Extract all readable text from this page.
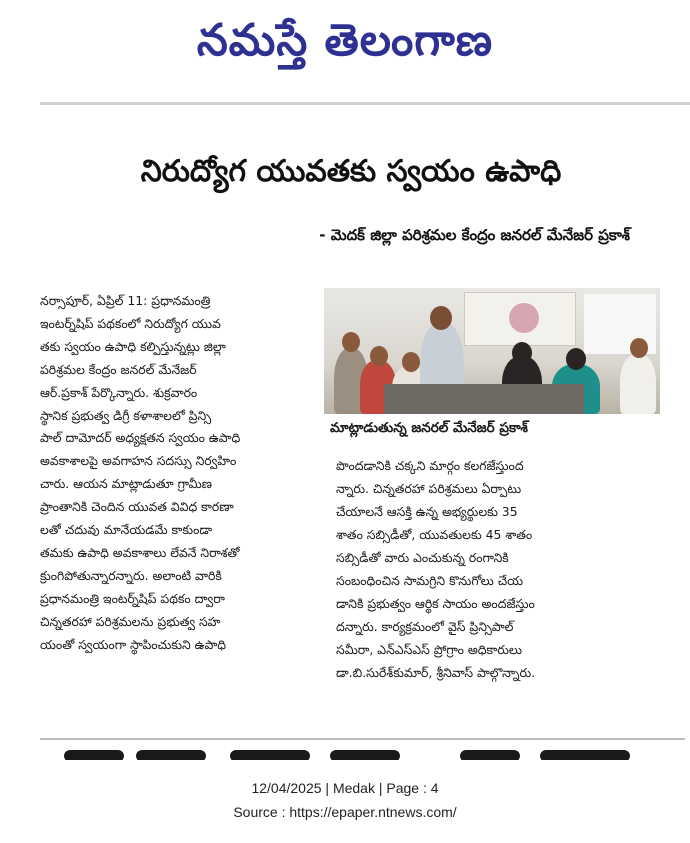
నమస్తే తెలంగాణ
నిరుద్యోగ యువతకు స్వయం ఉపాధి
- మెదక్ జిల్లా పరిశ్రమల కేంద్రం జనరల్ మేనేజర్ ప్రకాశ్
నర్సాపూర్, ఏప్రిల్ 11: ప్రధానమంత్రి
ఇంటర్న్‌షిప్ పథకంలో నిరుద్యోగ యువ
తకు స్వయం ఉపాధి కల్పిస్తున్నట్లు జిల్లా
పరిశ్రమల కేంద్రం జనరల్ మేనేజర్
ఆర్.ప్రకాశ్ పేర్కొన్నారు. శుక్రవారం
స్థానిక ప్రభుత్వ డిగ్రీ కళాశాలలో ప్రిన్సి
పాల్ దామోదర్ అధ్యక్షతన స్వయం ఉపాధి
అవకాశాలపై అవగాహన సదస్సు నిర్వహిం
చారు. ఆయన మాట్లాడుతూ గ్రామీణ
ప్రాంతానికి చెందిన యువత వివిధ కారణా
లతో చదువు మానేయడమే కాకుండా
తమకు ఉపాధి అవకాశాలు లేవనే నిరాశతో
క్రుంగిపోతున్నారన్నారు. అలాంటి వారికి
ప్రధానమంత్రి ఇంటర్న్‌షిప్ పథకం ద్వారా
చిన్నతరహా పరిశ్రమలను ప్రభుత్వ సహ
యంతో స్వయంగా స్థాపించుకుని ఉపాధి
మాట్లాడుతున్న జనరల్ మేనేజర్ ప్రకాశ్
పొందడానికి చక్కని మార్గం కలగజేస్తుంద
న్నారు. చిన్నతరహా పరిశ్రమలు ఏర్పాటు
చేయాలనే ఆసక్తి ఉన్న అభ్యర్థులకు 35
శాతం సబ్సిడీతో, యువతులకు 45 శాతం
సబ్సిడీతో వారు ఎంచుకున్న రంగానికి
సంబంధించిన సామగ్రిని కొనుగోలు చేయ
డానికి ప్రభుత్వం ఆర్థిక సాయం అందజేస్తుం
దన్నారు. కార్యక్రమంలో వైస్ ప్రిన్సిపాల్
సమీరా, ఎన్ఎస్ఎస్ ప్రోగ్రాం అధికారులు
డా.బి.సురేశ్‌కుమార్, శ్రీనివాస్ పాల్గొన్నారు.
12/04/2025 | Medak | Page : 4
Source : https://epaper.ntnews.com/
